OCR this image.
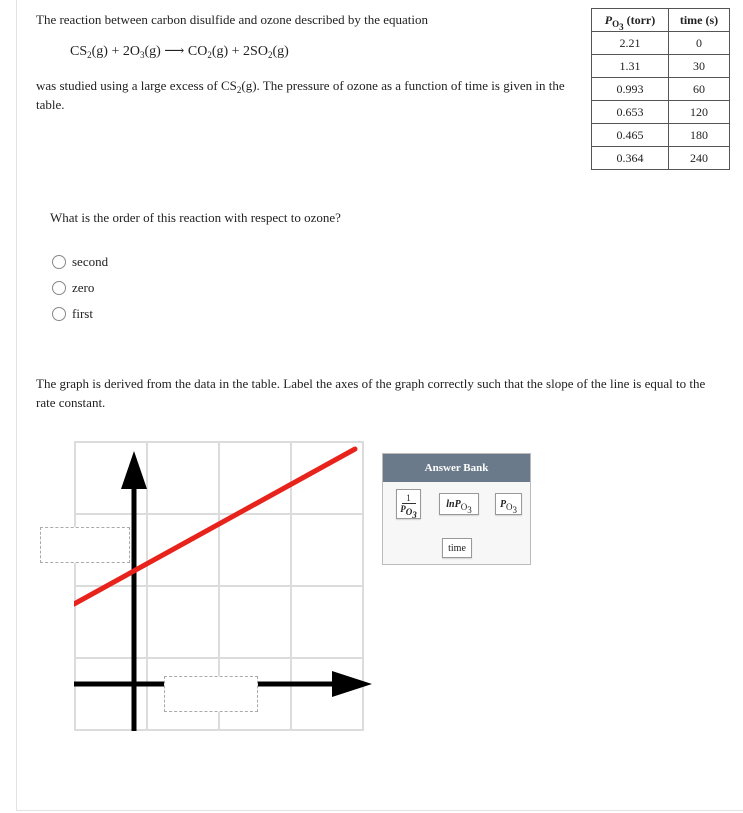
The reaction between carbon disulfide and ozone described by the equation
$CS_2(g) + 2O_3(g)$ ⟶ $CO_2(g) + 2SO_2(g)$
was studied using a large excess of $CS_2(g)$. The pressure of ozone as a function of time is given in the table.
$P_{O_3}$ (torr)	time (s)
2.21	0
1.31	30
0.993	60
0.653	120
0.465	180
0.364	240
What is the order of this reaction with respect to ozone?
second
zero
first
The graph is derived from the data in the table. Label the axes of the graph correctly such that the slope of the line is equal to the rate constant.
Answer Bank
1
$P_{O_3}$
lnP$_{O_3}$	$P_{O_3}$
time
